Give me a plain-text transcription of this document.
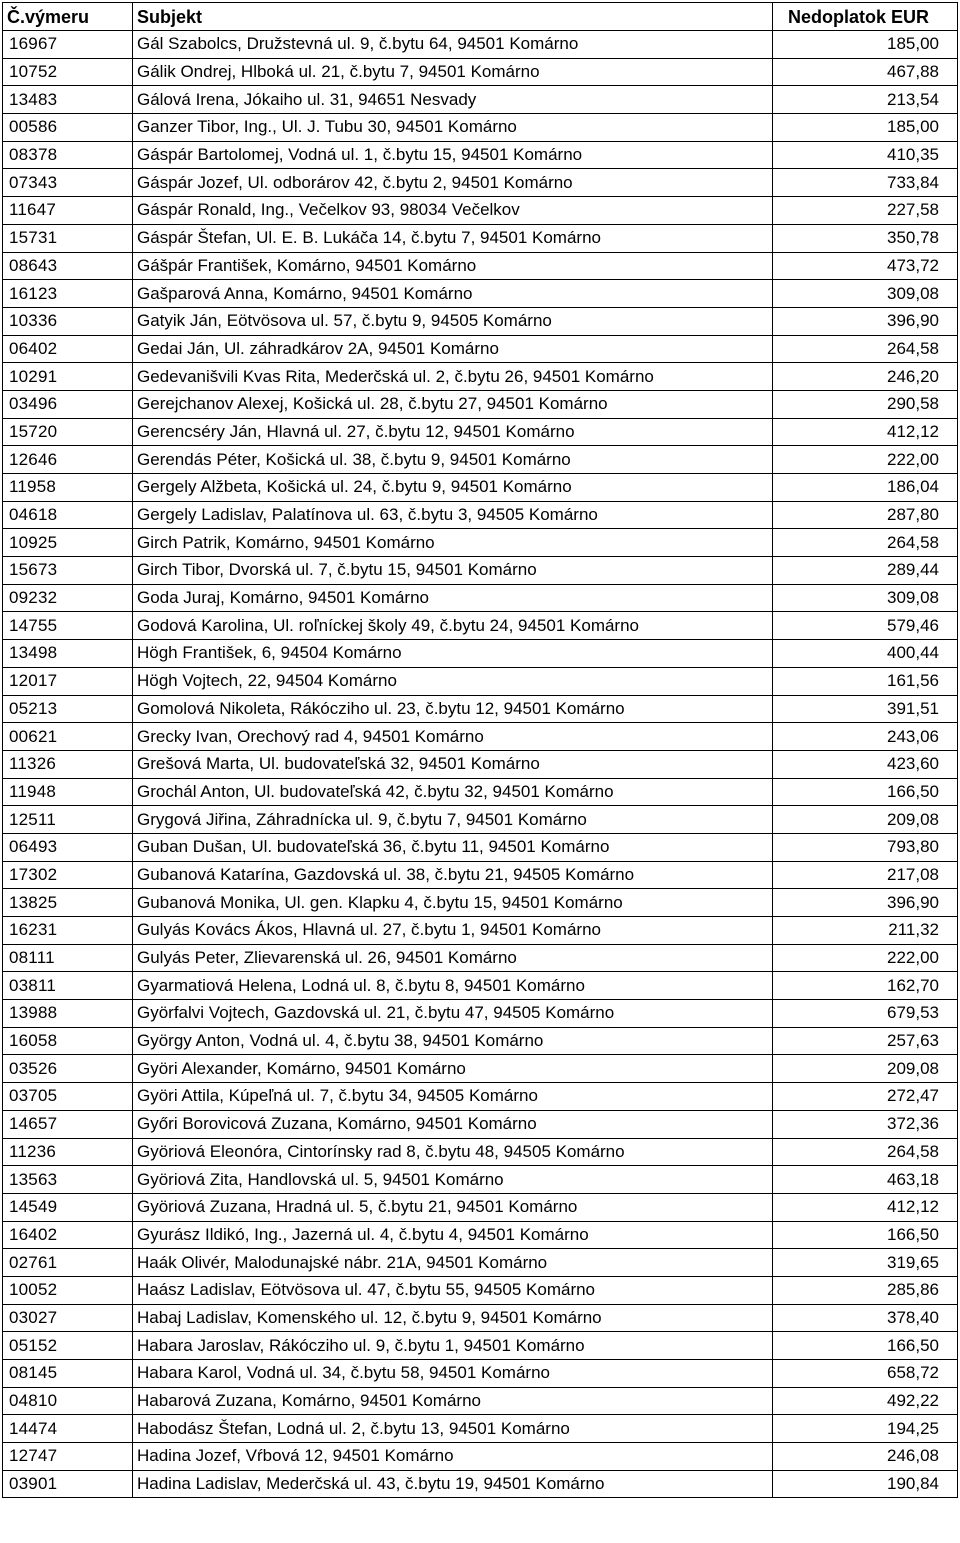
Č.výmeru	Subjekt	Nedoplatok EUR
16967	Gál Szabolcs, Družstevná ul. 9, č.bytu 64, 94501 Komárno	185,00
10752	Gálik Ondrej, Hlboká ul. 21, č.bytu 7, 94501 Komárno	467,88
13483	Gálová Irena, Jókaiho ul. 31, 94651 Nesvady	213,54
00586	Ganzer Tibor, Ing., Ul. J. Tubu 30, 94501 Komárno	185,00
08378	Gáspár Bartolomej, Vodná ul. 1, č.bytu 15, 94501 Komárno	410,35
07343	Gáspár Jozef, Ul. odborárov 42, č.bytu 2, 94501 Komárno	733,84
11647	Gáspár Ronald, Ing., Večelkov 93, 98034 Večelkov	227,58
15731	Gáspár Štefan, Ul. E. B. Lukáča 14, č.bytu 7, 94501 Komárno	350,78
08643	Gášpár František, Komárno, 94501 Komárno	473,72
16123	Gašparová Anna, Komárno, 94501 Komárno	309,08
10336	Gatyik Ján, Eötvösova ul. 57, č.bytu 9, 94505 Komárno	396,90
06402	Gedai Ján, Ul. záhradkárov 2A, 94501 Komárno	264,58
10291	Gedevanišvili Kvas Rita, Mederčská ul. 2, č.bytu 26, 94501 Komárno	246,20
03496	Gerejchanov Alexej, Košická ul. 28, č.bytu 27, 94501 Komárno	290,58
15720	Gerencséry Ján, Hlavná ul. 27, č.bytu 12, 94501 Komárno	412,12
12646	Gerendás Péter, Košická ul. 38, č.bytu 9, 94501 Komárno	222,00
11958	Gergely Alžbeta, Košická ul. 24, č.bytu 9, 94501 Komárno	186,04
04618	Gergely Ladislav, Palatínova ul. 63, č.bytu 3, 94505 Komárno	287,80
10925	Girch Patrik, Komárno, 94501 Komárno	264,58
15673	Girch Tibor, Dvorská ul. 7, č.bytu 15, 94501 Komárno	289,44
09232	Goda Juraj, Komárno, 94501 Komárno	309,08
14755	Godová Karolina, Ul. roľníckej školy 49, č.bytu 24, 94501 Komárno	579,46
13498	Högh František, 6, 94504 Komárno	400,44
12017	Högh Vojtech, 22, 94504 Komárno	161,56
05213	Gomolová Nikoleta, Rákócziho ul. 23, č.bytu 12, 94501 Komárno	391,51
00621	Grecky Ivan, Orechový rad 4, 94501 Komárno	243,06
11326	Grešová Marta, Ul. budovateľská 32, 94501 Komárno	423,60
11948	Grochál Anton, Ul. budovateľská 42, č.bytu 32, 94501 Komárno	166,50
12511	Grygová Jiřina, Záhradnícka ul. 9, č.bytu 7, 94501 Komárno	209,08
06493	Guban Dušan, Ul. budovateľská 36, č.bytu 11, 94501 Komárno	793,80
17302	Gubanová Katarína, Gazdovská ul. 38, č.bytu 21, 94505 Komárno	217,08
13825	Gubanová Monika, Ul. gen. Klapku 4, č.bytu 15, 94501 Komárno	396,90
16231	Gulyás Kovács Ákos, Hlavná ul. 27, č.bytu 1, 94501 Komárno	211,32
08111	Gulyás Peter, Zlievarenská ul. 26, 94501 Komárno	222,00
03811	Gyarmatiová Helena, Lodná ul. 8, č.bytu 8, 94501 Komárno	162,70
13988	Györfalvi Vojtech, Gazdovská ul. 21, č.bytu 47, 94505 Komárno	679,53
16058	György Anton, Vodná ul. 4, č.bytu 38, 94501 Komárno	257,63
03526	Györi Alexander, Komárno, 94501 Komárno	209,08
03705	Györi Attila, Kúpeľná ul. 7, č.bytu 34, 94505 Komárno	272,47
14657	Győri Borovicová Zuzana, Komárno, 94501 Komárno	372,36
11236	Györiová Eleonóra, Cintorínsky rad 8, č.bytu 48, 94505 Komárno	264,58
13563	Györiová Zita, Handlovská ul. 5, 94501 Komárno	463,18
14549	Györiová Zuzana, Hradná ul. 5, č.bytu 21, 94501 Komárno	412,12
16402	Gyurász Ildikó, Ing., Jazerná ul. 4, č.bytu 4, 94501 Komárno	166,50
02761	Haák Olivér, Malodunajské nábr. 21A, 94501 Komárno	319,65
10052	Haász Ladislav, Eötvösova ul. 47, č.bytu 55, 94505 Komárno	285,86
03027	Habaj Ladislav, Komenského ul. 12, č.bytu 9, 94501 Komárno	378,40
05152	Habara Jaroslav, Rákócziho ul. 9, č.bytu 1, 94501 Komárno	166,50
08145	Habara Karol, Vodná ul. 34, č.bytu 58, 94501 Komárno	658,72
04810	Habarová Zuzana, Komárno, 94501 Komárno	492,22
14474	Habodász Štefan, Lodná ul. 2, č.bytu 13, 94501 Komárno	194,25
12747	Hadina Jozef, Vŕbová 12, 94501 Komárno	246,08
03901	Hadina Ladislav, Mederčská ul. 43, č.bytu 19, 94501 Komárno	190,84
